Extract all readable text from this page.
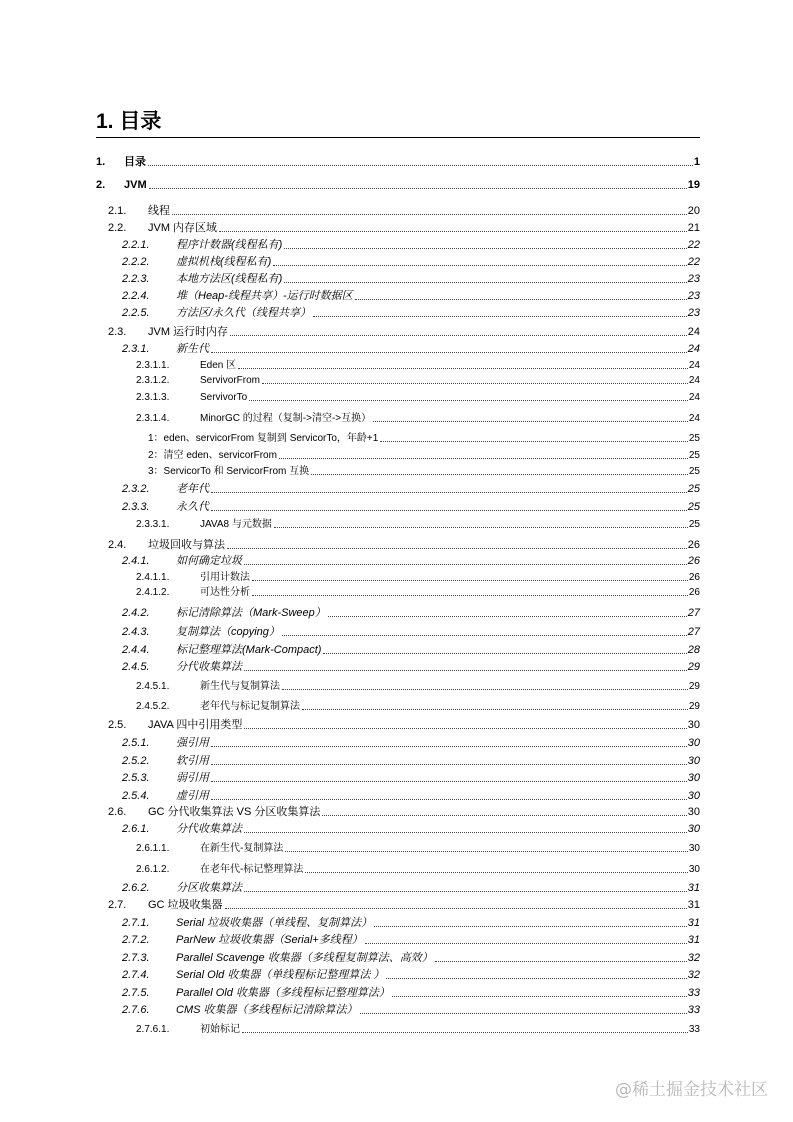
1. 目录
1.	目录	1
2.	JVM	19
2.1.	线程	20
2.2.	JVM 内存区域	21
2.2.1.	程序计数器(线程私有)	22
2.2.2.	虚拟机栈(线程私有)	22
2.2.3.	本地方法区(线程私有)	23
2.2.4.	堆（Heap-线程共享）-运行时数据区	23
2.2.5.	方法区/永久代（线程共享）	23
2.3.	JVM 运行时内存	24
2.3.1.	新生代	24
2.3.1.1.	Eden 区	24
2.3.1.2.	ServivorFrom	24
2.3.1.3.	ServivorTo	24
2.3.1.4.	MinorGC 的过程（复制->清空->互换）	24
1：eden、servicorFrom 复制到 ServicorTo，年龄+1	25
2：清空 eden、servicorFrom	25
3：ServicorTo 和 ServicorFrom 互换	25
2.3.2.	老年代	25
2.3.3.	永久代	25
2.3.3.1.	JAVA8 与元数据	25
2.4.	垃圾回收与算法	26
2.4.1.	如何确定垃圾	26
2.4.1.1.	引用计数法	26
2.4.1.2.	可达性分析	26
2.4.2.	标记清除算法（Mark-Sweep）	27
2.4.3.	复制算法（copying）	27
2.4.4.	标记整理算法(Mark-Compact)	28
2.4.5.	分代收集算法	29
2.4.5.1.	新生代与复制算法	29
2.4.5.2.	老年代与标记复制算法	29
2.5.	JAVA 四中引用类型	30
2.5.1.	强引用	30
2.5.2.	软引用	30
2.5.3.	弱引用	30
2.5.4.	虚引用	30
2.6.	GC 分代收集算法 VS 分区收集算法	30
2.6.1.	分代收集算法	30
2.6.1.1.	在新生代-复制算法	30
2.6.1.2.	在老年代-标记整理算法	30
2.6.2.	分区收集算法	31
2.7.	GC 垃圾收集器	31
2.7.1.	Serial 垃圾收集器（单线程、复制算法）	31
2.7.2.	ParNew 垃圾收集器（Serial+多线程）	31
2.7.3.	Parallel Scavenge 收集器（多线程复制算法、高效）	32
2.7.4.	Serial Old 收集器（单线程标记整理算法 ）	32
2.7.5.	Parallel Old 收集器（多线程标记整理算法）	33
2.7.6.	CMS 收集器（多线程标记清除算法）	33
2.7.6.1.	初始标记	33
@稀土掘金技术社区
